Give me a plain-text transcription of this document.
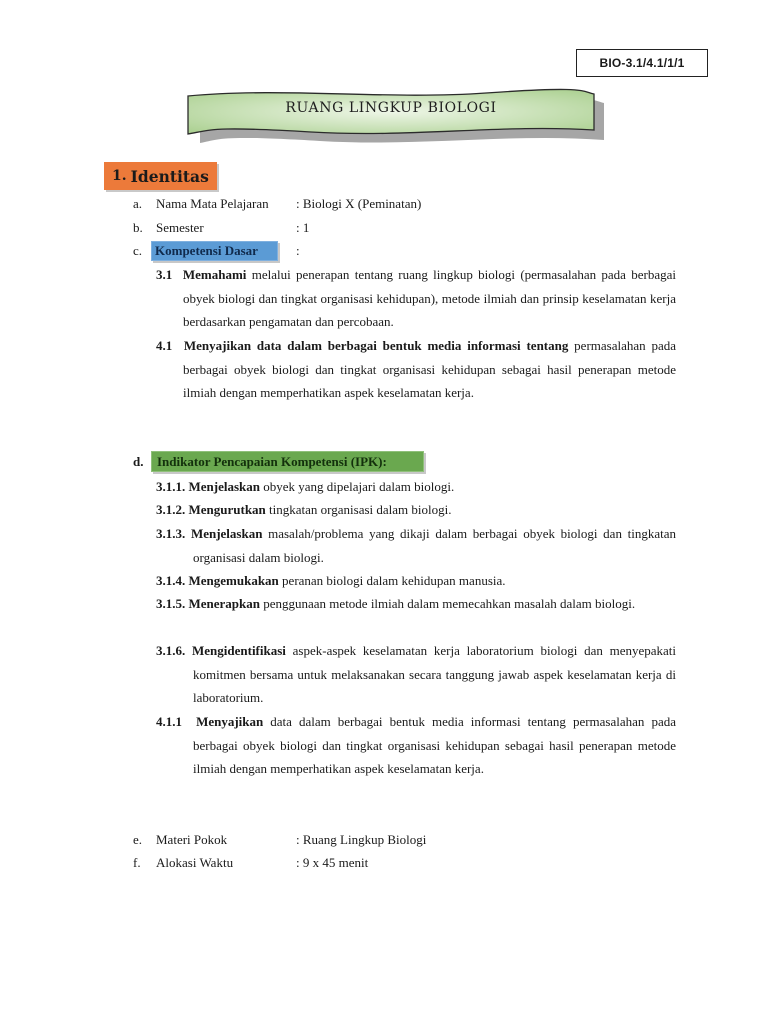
BIO-3.1/4.1/1/1
RUANG LINGKUP BIOLOGI
1. Identitas
a. Nama Mata Pelajaran : Biologi X (Peminatan)
b. Semester	: 1
c. Kompetensi Dasar	:
3.1 Memahami melalui penerapan tentang ruang lingkup biologi (permasalahan pada berbagai obyek biologi dan tingkat organisasi kehidupan), metode ilmiah dan prinsip keselamatan kerja berdasarkan pengamatan dan percobaan.
4.1 Menyajikan data dalam berbagai bentuk media informasi tentang permasalahan pada berbagai obyek biologi dan tingkat organisasi kehidupan sebagai hasil penerapan metode ilmiah dengan memperhatikan aspek keselamatan kerja.
d. Indikator Pencapaian Kompetensi (IPK):
3.1.1. Menjelaskan obyek yang dipelajari dalam biologi.
3.1.2. Mengurutkan tingkatan organisasi dalam biologi.
3.1.3. Menjelaskan masalah/problema yang dikaji dalam berbagai obyek biologi dan tingkatan organisasi dalam biologi.
3.1.4. Mengemukakan peranan biologi dalam kehidupan manusia.
3.1.5. Menerapkan penggunaan metode ilmiah dalam memecahkan masalah dalam biologi.
3.1.6. Mengidentifikasi aspek-aspek keselamatan kerja laboratorium biologi dan menyepakati komitmen bersama untuk melaksanakan secara tanggung jawab aspek keselamatan kerja di laboratorium.
4.1.1 Menyajikan data dalam berbagai bentuk media informasi tentang permasalahan pada berbagai obyek biologi dan tingkat organisasi kehidupan sebagai hasil penerapan metode ilmiah dengan memperhatikan aspek keselamatan kerja.
e. Materi Pokok	: Ruang Lingkup Biologi
f. Alokasi Waktu	: 9 x 45 menit
